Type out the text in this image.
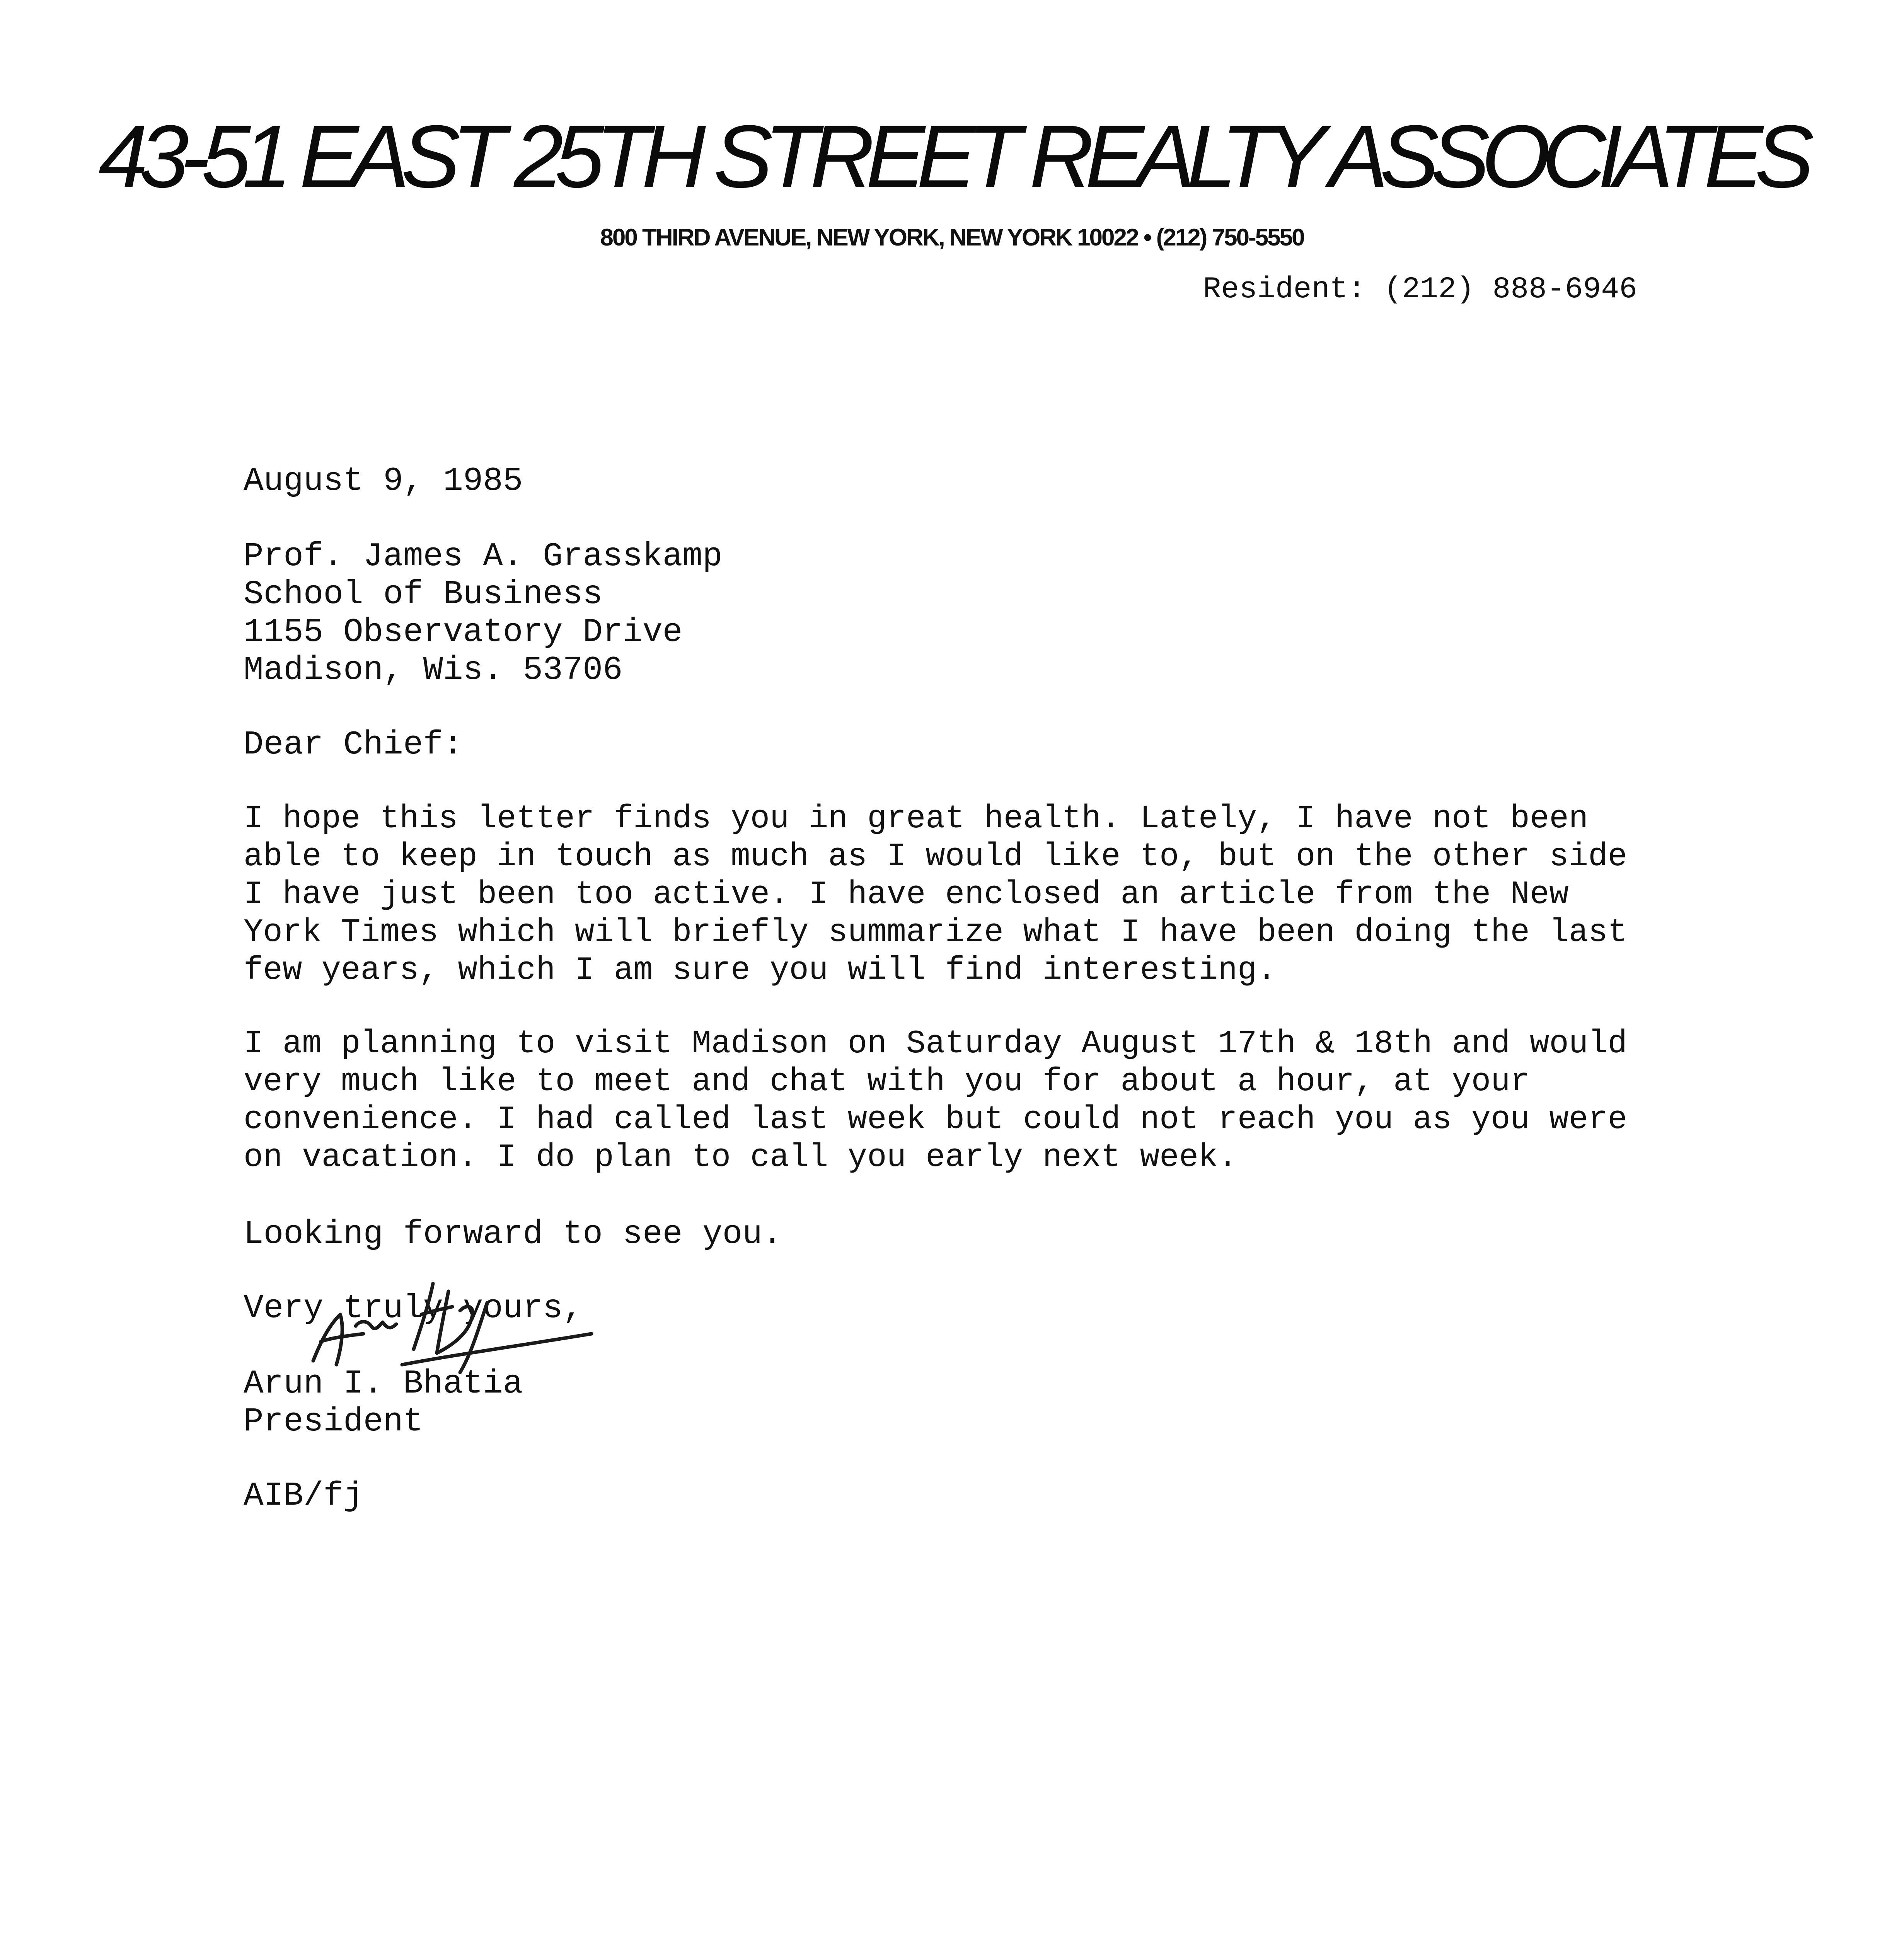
43-51 EAST 25TH STREET REALTY ASSOCIATES
800 THIRD AVENUE, NEW YORK, NEW YORK 10022 • (212) 750-5550
Resident: (212) 888-6946
August 9, 1985
Prof. James A. Grasskamp
School of Business
1155 Observatory Drive
Madison, Wis. 53706
Dear Chief:
I hope this letter finds you in great health. Lately, I have not been
able to keep in touch as much as I would like to, but on the other side
I have just been too active. I have enclosed an article from the New
York Times which will briefly summarize what I have been doing the last
few years, which I am sure you will find interesting.
I am planning to visit Madison on Saturday August 17th & 18th and would
very much like to meet and chat with you for about a hour, at your
convenience. I had called last week but could not reach you as you were
on vacation. I do plan to call you early next week.
Looking forward to see you.
Very truly yours,
Arun I. Bhatia
President
AIB/fj
